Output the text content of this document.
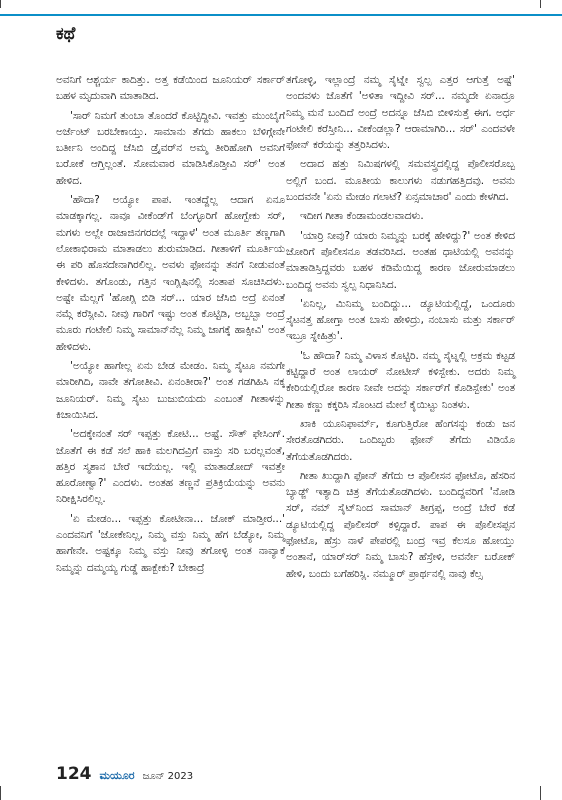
ಕಥೆ

ಅವನಿಗೆ ಆಶ್ಚರ್ಯ ಕಾದಿತ್ತು. ಅತ್ತ ಕಡೆಯಿಂದ ಜೂನಿಯರ್ ಸರ್ಕಾರ್ ಬಹಳ ಮೃದುವಾಗಿ ಮಾತಾಡಿದ.

'ಸಾರ್ ನಿಮಗೆ ತುಂಬಾ ತೊಂದರೆ ಕೊಟ್ಟಿದ್ದೀವಿ. ಇವತ್ತು ಮುಂಬೈಗೆ ಅರ್ಜೆಂಟ್ ಬರಬೇಕಾಯ್ತು. ಸಾಮಾನು ತೆಗದು ಹಾಕಲು ಬೆಳಿಗ್ಗೇನೇ ಬರ್ತೀನಿ ಅಂದಿದ್ದ ಜೆಸಿಬಿ ಡ್ರೈವರ್‌ನ ಅಮ್ಮ ತೀರಿಹೋಗಿ ಅವನಿಗೆ ಬರೋಕೆ ಆಗ್ತಿಲ್ಲಂತೆ. ಸೋಮವಾರ ಮಾಡಿಸಿಕೊಡ್ತೀವಿ ಸರ್' ಅಂತ ಹೇಳಿದ.

'ಹೌದಾ? ಅಯ್ಯೋ ಪಾಪ. ಇಂತದ್ದೆಲ್ಲ ಆದಾಗ ಏನೂ ಮಾಡಕ್ಕಾಗಲ್ಲ. ನಾವೂ ವೀಕೆಂಡ್‌ಗೆ ಬೆಂಗ್ಳೂರಿಗೆ ಹೋಗ್ಬೇಕು ಸರ್, ಮಗಳು ಅಲ್ಲೇ ರಾಜಾಜಿನಗರದಲ್ಲೆ ಇದ್ದಾಳೆ' ಅಂತ ಮೂರ್ತಿ ತಣ್ಣಗಾಗಿ ಲೋಕಾಭಿರಾಮ ಮಾತಾಡಲು ಶುರುಮಾಡಿದ. ಗೀತಾಳಿಗೆ ಮೂರ್ತಿಯ ಈ ಪರಿ ಹೊಸದೇನಾಗಿರಲಿಲ್ಲ. ಅವಳು ಫೋನನ್ನು ತನಗೆ ನೀಡುವಂತೆ ಕೇಳಿದಳು. ತಗೊಂಡು, ಗತ್ತಿನ ಇಂಗ್ಲಿಷಿನಲ್ಲಿ ಸಂತಾಪ ಸೂಚಿಸಿದಳು. ಅಷ್ಟೇ ಮೆಲ್ಲಗೆ 'ಹೋಗ್ಲಿ ಬಿಡಿ ಸರ್... ಯಾರ ಜೆಸಿಬಿ ಅದ್ರೆ ಏನಂತೆ ನಮ್ಗೆ ಕರೆಸ್ಲೀವಿ. ನೀವು ಗಾರಿಗೆ ಇಷ್ಟು ಅಂತ ಕೊಟ್ಟಿಡಿ, ಅಬ್ಬಬ್ಬಾ ಅಂದ್ರೆ ಮೂರು ಗಂಟೇಲಿ ನಿಮ್ಮ ಸಾಮಾನ್‌ನೆಲ್ಲ ನಿಮ್ಮ ಜಾಗಕ್ಕೆ ಹಾಕ್ಸೀವಿ' ಅಂತ ಹೇಳಿದಳು.

'ಅಯ್ಯೋ ಹಾಗೇಲ್ಲ ಏನು ಬೇಡ ಮೇಡಂ. ನಿಮ್ಮ ಸೈಟೂ ನಮಗೇ ಮಾರೀಗಿದಿ, ನಾವೇ ತಗೋತೀವಿ. ಏನಂತೀರಾ?' ಅಂತ ಗಡಗಿಹಿಸಿ ನಕ್ಕ ಜೂನಿಯರ್. ನಿಮ್ಮ ಸೈಟು ಬುಜುಬಿಯದು ಎಂಬಂತೆ ಗೀತಾಳನ್ನು ಕಿಚಾಯಿಸಿದ.

'ಅದಕ್ಕೇನಂತೆ ಸರ್ ಇಪ್ಪತ್ತು ಕೋಟಿ... ಅಷ್ಟೆ. ಸೌತ್ ಫೇಸಿಂಗ್. ಜೊತೆಗೆ ಈ ಕಡೆ ಸಲೆ ಹಾಕಿ ಮಲಗಿದವ್ರಿಗೆ ವಾಸ್ತು ಸರಿ ಬರಲ್ಲವಂತೆ, ಹತ್ತಿರ ಸ್ಮಶಾನ ಬೇರೆ ಇದೆಯಲ್ಲ. ಇಲ್ಲಿ ಮಾತಾಡೋದ್ ಇವತ್ತೇ ಹೂರೋಣ್ವಾ?' ಎಂದಳು. ಅಂತಹ ತಣ್ಣನೆ ಪ್ರತಿಕ್ರಿಯೆಯನ್ನು ಅವನು ನಿರೀಕ್ಷಿಸಿರಲಿಲ್ಲ.

'ಏ ಮೇಡಂ... ಇಪ್ಪತ್ತು ಕೋಟೀನಾ... ಜೋಕ್ ಮಾಡ್ತೀರ...' ಎಂದವನಿಗೆ 'ಜೋಕೇನಿಲ್ಲ, ನಿಮ್ಮ ವಸ್ತು ನಿಮ್ಮ ಹೆಗ ಬೆಡ್ಯೋ, ನಿಮ್ಮ ಹಾಗೇನೇ. ಅಷ್ಟಕ್ಕೂ ನಿಮ್ಮ ವಸ್ತು ನೀವು ತಗೋಳ್ಳಿ ಅಂತ ನಾವ್ಯಾಕೆ ನಿಮ್ಮನ್ನು ದಮ್ಮಯ್ಯ ಗುಡ್ಡೆ ಹಾಕ್ಬೇಕು? ಬೇಕಾದ್ರೆ

ತಗೋಳ್ಳಿ, ಇಲ್ಲಾಂದ್ರೆ ನಮ್ಮ ಸೈಟ್ನೇ ಸ್ವಲ್ಪ ಎತ್ತರ ಆಗುತ್ತೆ ಅಷ್ಟೆ' ಅಂದವಳು ಜೊತೆಗೆ 'ಅಳಿತಾ ಇದ್ದೀವಿ ಸರ್... ನಮ್ಮದೇ ಏನಾದ್ರೂ ನಿಮ್ಮ ಮನೆ ಬಂದಿದೆ ಅಂದ್ರೆ ಅದನ್ನೂ ಜೆಸಿಬಿ ಬೀಳಿಸುತ್ತೆ ಈಗ. ಅರ್ಧ ಗಂಟೇಲಿ ಕರೆಸ್ತೀನಿ... ವೀಕೆಂಡಲ್ಲಾ? ಆರಾಮಾಗಿರಿ... ಸರ್' ಎಂದವಳೇ ಫೋನ್ ಕರೆಯನ್ನು ತತ್ತರಿಸಿದಳು.

ಅದಾದ ಹತ್ತು ನಿಮಿಷಗಳಲ್ಲಿ ಸಮವಸ್ತ್ರದಲ್ಲಿದ್ದ ಪೊಲೀಸರೊಬ್ಬ ಅಲ್ಲಿಗೆ ಬಂದ. ಮೂತೀಯ ಕಾಲುಗಳು ನಡುಗಹತ್ತಿದವು. ಅವನು ಬಂದವನೇ 'ಏನು ಮೇಡಂ ಗಲಾಟೆ? ಏನ್ಸಮಾಚಾರ' ಎಂದು ಕೇಳಗಿದ.

ಇದೀಗ ಗೀತಾ ಕೆಂಡಾಮಂಡಲವಾದಳು.

'ಯಾರ್ರಿ ನೀವು? ಯಾರು ನಿಮ್ಮನ್ನು ಬರಕ್ಕೆ ಹೇಳಿದ್ದು?' ಅಂತ ಕೇಳಿದ ಜೋರಿಗೆ ಪೊಲೀಸನೂ ತಡವರಿಸಿದ. ಅಂತಹ ಧಾಟಿಯಲ್ಲಿ ಅವನನ್ನು ಮಾತಾಡಿಸ್ತಿದ್ದವರು ಬಹಳ ಕಡಿಮೆಯಿದ್ದ ಕಾರಣ ಜೋರುಮಾಡಲು ಬಂದಿದ್ದ ಅವನು ಸ್ವಲ್ಪ ನಿಧಾನಿಸಿದ.

'ಏನಿಲ್ಲ, ಮಿನಿಮ್ಮ ಬಂದಿದ್ದು... ಡ್ಯೂಟಿಯಲ್ಲಿದ್ದೆ, ಒಂದೂರು ಸೈಟನತ್ತ ಹೋಗ್ತಾ ಅಂತ ಬಾಸು ಹೇಳಿದ್ರು, ನಂಬಾಸು ಮತ್ತು ಸರ್ಕಾರ್ ಇಬ್ರೂ ಸ್ನೇಹಿತ್ರು'.

'ಓ ಹೌದಾ? ನಿಮ್ಮ ವಿಳಾಸ ಕೊಟ್ಟಿರಿ. ನಮ್ಮ ಸೈಟ್ನಲ್ಲಿ ಅಕ್ರಮ ಕಟ್ಟಡ ಕಟ್ಟಿದ್ದಾರೆ ಅಂತ ಲಾಯರ್ ನೋಟೀಸ್ ಕಳಿಸ್ಬೇಕು. ಅದರು ನಿಮ್ಮ ಕೇರಿಯಲ್ಲಿರೋ ಕಾರಣ ನೀವೇ ಅದನ್ನು ಸರ್ಕಾರ್‌ಗೆ ಕೊಡಿಸ್ಬೇಕು' ಅಂತ ಗೀತಾ ಕಣ್ಣು ಕಕ್ಕರಿಸಿ ಸೊಂಟದ ಮೇಲೆ ಕೈಯಿಟ್ಟು ನಿಂತಳು.

ಖಾಕಿ ಯೂನಿಫಾರ್ಮ್, ಕೂಗುತ್ತಿರೋ ಹೆಂಗಸನ್ನು ಕಂಡು ಜನ ಸೇರತೊಡಗಿದರು. ಒಂದಿಬ್ಬರು ಫೋನ್ ತೆಗೆದು ವಿಡಿಯೊ ತೆಗೆಯತೊಡಗಿದರು.

ಗೀತಾ ಖುದ್ದಾಗಿ ಫೋನ್ ತೆಗೆದು ಆ ಪೊಲೀಸನ ಫೋಟೊ, ಹೆಸರಿನ ಬ್ಯಾಡ್ಜ್ ಇತ್ಯಾದಿ ಚಿತ್ರ ತೆಗೆಯತೊಡಗಿದಳು. ಬಂದಿದ್ದವರಿಗೆ 'ನೋಡಿ ಸರ್, ನಮ್ ಸೈಟ್‌ನಿಂದ ಸಾಮಾನ್ ತೀಗ್ರಪ್ಪ, ಅಂದ್ರೆ ಬೇರೆ ಕಡೆ ಡ್ಯೂಟಿಯಲ್ಲಿದ್ದ ಪೊಲೀಸರ್ ಕಳ್ಸಿದ್ದಾರೆ. ಪಾಪ ಈ ಪೊಲೀಸಪ್ಪನ ಫೋಟೊ, ಹೆಸ್ರು ನಾಳೆ ಪೇಪರಲ್ಲಿ ಬಂದ್ರ ಇವ್ರ ಕೆಲಸೂ ಹೋಯ್ತು ಅಂತಾನೆ, ಯಾರ್‌ಸರ್ ನಿಮ್ಮ ಬಾಸು? ಹೆಸ್ರೇಳಿ, ಅವರ್ನೇ ಬರೋಕ್ ಹೇಳಿ, ಬಂದು ಬಗೆಹರಿಸ್ಲಿ. ನಮ್ಮೂರ್ ಪ್ರಾರ್ಥನಲ್ಲಿ ನಾವು ಕೆಲ್ಸ

124 ಮಯೂರ ಜೂನ್ 2023
